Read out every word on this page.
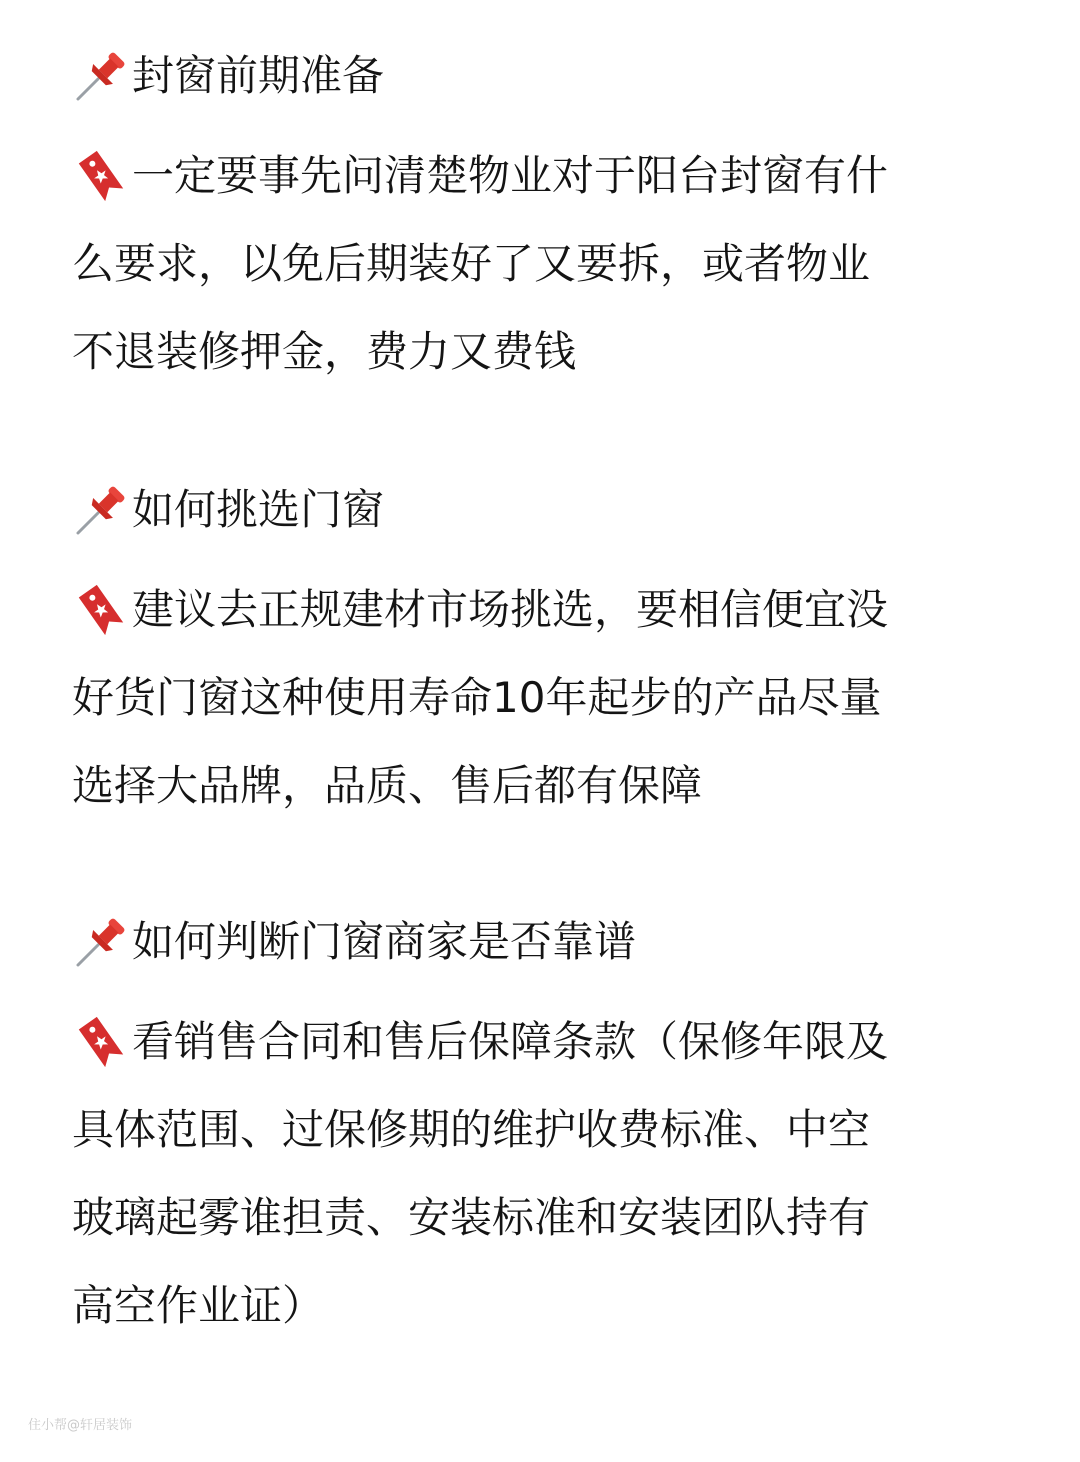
封窗前期准备
一定要事先问清楚物业对于阳台封窗有什
么要求，以免后期装好了又要拆，或者物业
不退装修押金，费力又费钱
如何挑选门窗
建议去正规建材市场挑选，要相信便宜没
好货门窗这种使用寿命10年起步的产品尽量
选择大品牌，品质、售后都有保障
如何判断门窗商家是否靠谱
看销售合同和售后保障条款（保修年限及
具体范围、过保修期的维护收费标准、中空
玻璃起雾谁担责、安装标准和安装团队持有
高空作业证）
住小帮@轩居装饰
